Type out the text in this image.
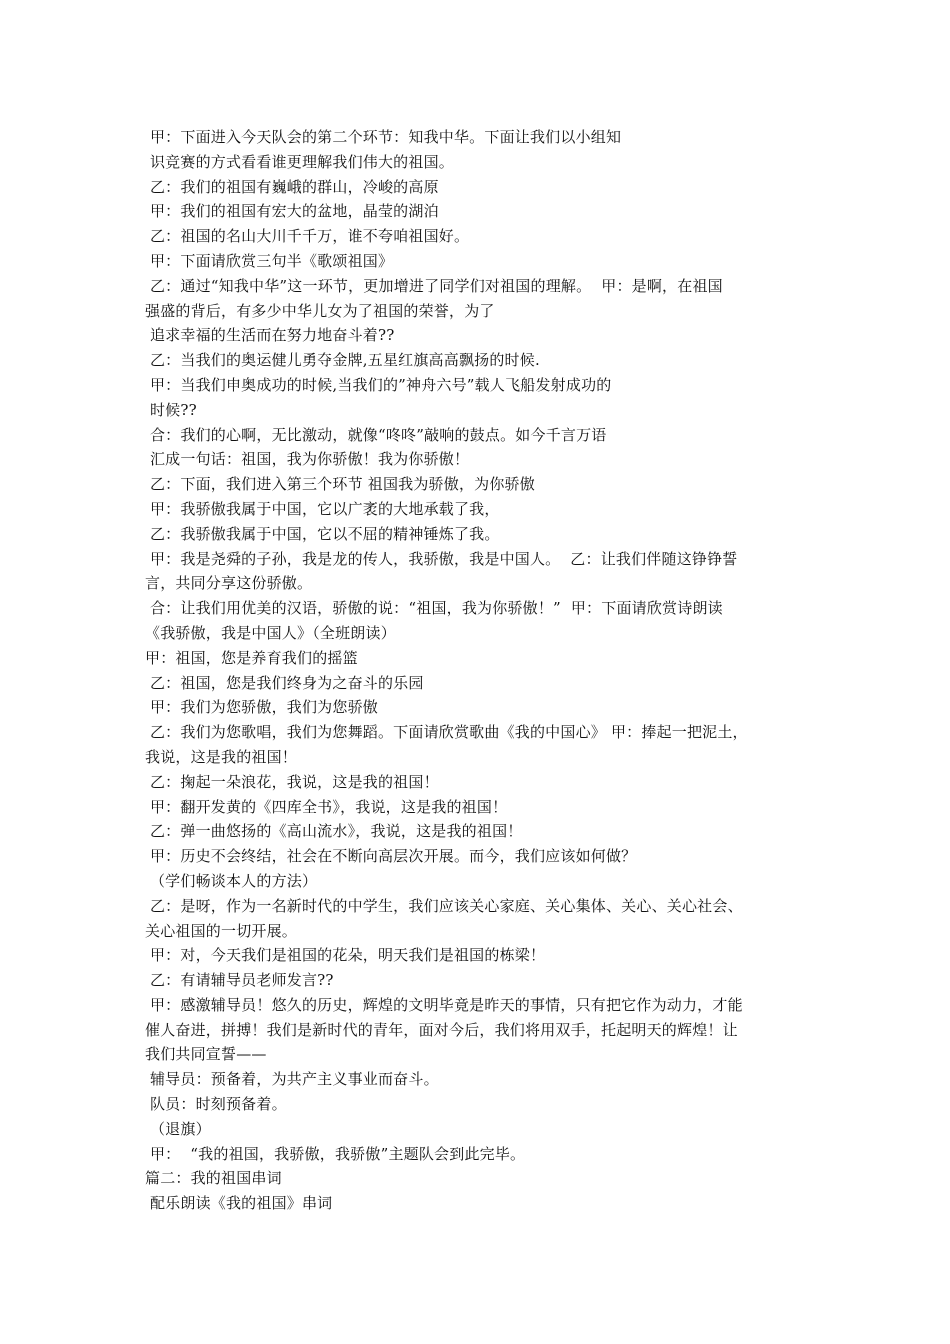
甲：下面进入今天队会的第二个环节：知我中华。下面让我们以小组知
识竞赛的方式看看谁更理解我们伟大的祖国。
乙：我们的祖国有巍峨的群山，冷峻的高原
甲：我们的祖国有宏大的盆地，晶莹的湖泊
乙：祖国的名山大川千千万，谁不夸咱祖国好。
甲：下面请欣赏三句半《歌颂祖国》
乙：通过“知我中华”这一环节，更加增进了同学们对祖国的理解。  甲：是啊，在祖国
强盛的背后，有多少中华儿女为了祖国的荣誉，为了
追求幸福的生活而在努力地奋斗着??
乙：当我们的奥运健儿勇夺金牌,五星红旗高高飘扬的时候.
甲：当我们申奥成功的时候,当我们的”神舟六号”载人飞船发射成功的
时候??
合：我们的心啊，无比激动，就像“咚咚”敲响的鼓点。如今千言万语
汇成一句话：祖国，我为你骄傲！我为你骄傲！
乙：下面，我们进入第三个环节 祖国我为骄傲，为你骄傲
甲：我骄傲我属于中国，它以广袤的大地承载了我，
乙：我骄傲我属于中国，它以不屈的精神锤炼了我。
甲：我是尧舜的子孙，我是龙的传人，我骄傲，我是中国人。  乙：让我们伴随这铮铮誓
言，共同分享这份骄傲。
合：让我们用优美的汉语，骄傲的说：“祖国，我为你骄傲！”  甲：下面请欣赏诗朗读
《我骄傲，我是中国人》（全班朗读）
甲：祖国，您是养育我们的摇篮
乙：祖国，您是我们终身为之奋斗的乐园
甲：我们为您骄傲，我们为您骄傲
乙：我们为您歌唱，我们为您舞蹈。下面请欣赏歌曲《我的中国心》 甲：捧起一把泥土，
我说，这是我的祖国！
乙：掬起一朵浪花，我说，这是我的祖国！
甲：翻开发黄的《四库全书》，我说，这是我的祖国！
乙：弹一曲悠扬的《高山流水》，我说，这是我的祖国！
甲：历史不会终结，社会在不断向高层次开展。而今，我们应该如何做？
（学们畅谈本人的方法）
乙：是呀，作为一名新时代的中学生，我们应该关心家庭、关心集体、关心、关心社会、
关心祖国的一切开展。
甲：对，今天我们是祖国的花朵，明天我们是祖国的栋梁！
乙：有请辅导员老师发言??
甲：感激辅导员！悠久的历史，辉煌的文明毕竟是昨天的事情，只有把它作为动力，才能
催人奋进，拼搏！我们是新时代的青年，面对今后，我们将用双手，托起明天的辉煌！让
我们共同宣誓——
辅导员：预备着，为共产主义事业而奋斗。
队员：时刻预备着。
（退旗）
甲：  “我的祖国，我骄傲，我骄傲”主题队会到此完毕。
篇二：我的祖国串词
配乐朗读《我的祖国》串词
